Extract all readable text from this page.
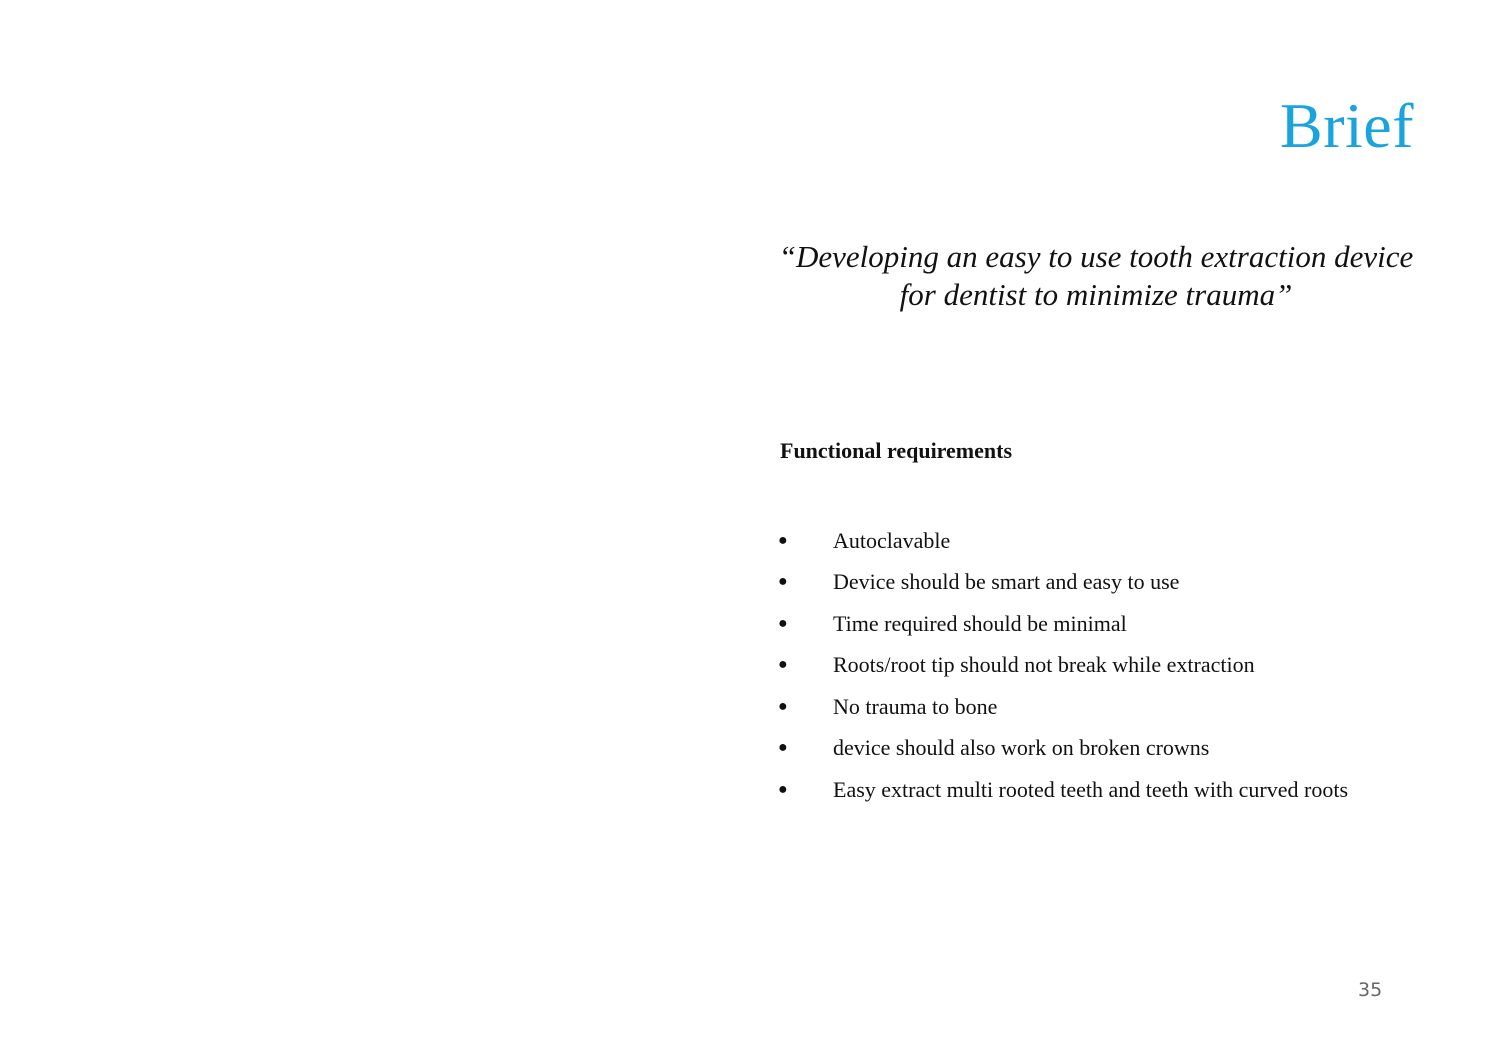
Brief

“Developing an easy to use tooth extraction device
for dentist to minimize trauma”

Functional requirements
●	Autoclavable
●	Device should be smart and easy to use
●	Time required should be minimal
●	Roots/root tip should not break while extraction
●	No trauma to bone
●	device should also work on broken crowns
●	Easy extract multi rooted teeth and teeth with curved roots

35
